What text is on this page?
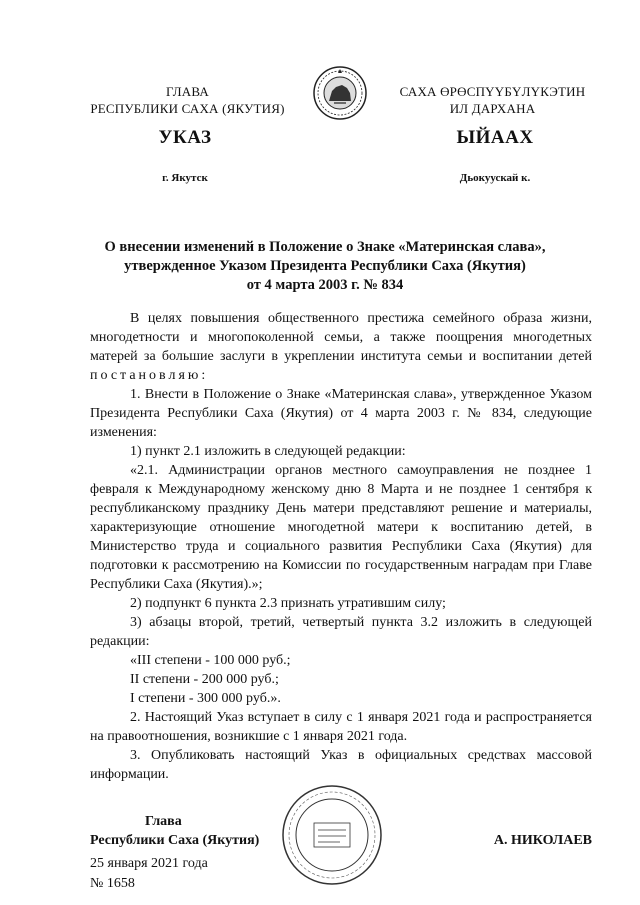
ГЛАВА
РЕСПУБЛИКИ САХА (ЯКУТИЯ)
САХА ӨРӨСПҮҮБҮЛҮКЭТИН
ИЛ ДАРХАНА
УКАЗ	ЫЙААХ
г. Якутск	Дьокуускай к.
О внесении изменений в Положение о Знаке «Материнская слава»,
утвержденное Указом Президента Республики Саха (Якутия)
от 4 марта 2003 г. № 834

В целях повышения общественного престижа семейного образа жизни, многодетности и многопоколенной семьи, а также поощрения многодетных матерей за большие заслуги в укреплении института семьи и воспитании детей постановляю:

1. Внести в Положение о Знаке «Материнская слава», утвержденное Указом Президента Республики Саха (Якутия) от 4 марта 2003 г. № 834, следующие изменения:

1) пункт 2.1 изложить в следующей редакции:

«2.1. Администрации органов местного самоуправления не позднее 1 февраля к Международному женскому дню 8 Марта и не позднее 1 сентября к республиканскому празднику День матери представляют решение и материалы, характеризующие отношение многодетной матери к воспитанию детей, в Министерство труда и социального развития Республики Саха (Якутия) для подготовки к рассмотрению на Комиссии по государственным наградам при Главе Республики Саха (Якутия).»;

2) подпункт 6 пункта 2.3 признать утратившим силу;

3) абзацы второй, третий, четвертый пункта 3.2 изложить в следующей редакции:

«III степени - 100 000 руб.;

II степени - 200 000 руб.;

I степени - 300 000 руб.».

2. Настоящий Указ вступает в силу с 1 января 2021 года и распространяется на правоотношения, возникшие с 1 января 2021 года.

3. Опубликовать настоящий Указ в официальных средствах массовой информации.

Глава
Республики Саха (Якутия)	А. НИКОЛАЕВ
25 января 2021 года
№ 1658
